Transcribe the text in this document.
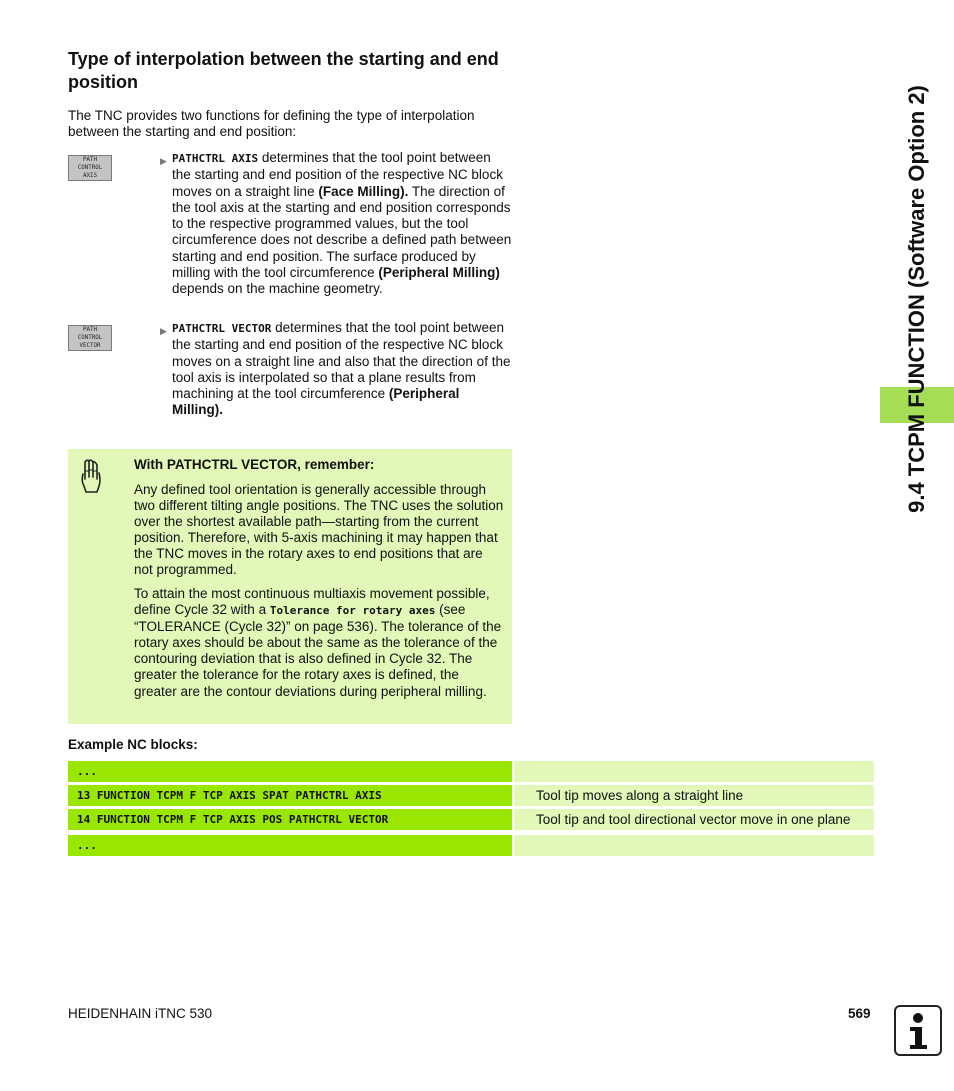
Type of interpolation between the starting and end position
The TNC provides two functions for defining the type of interpolation between the starting and end position:
PATH
CONTROL
AXIS
▶ PATHCTRL AXIS determines that the tool point between the starting and end position of the respective NC block moves on a straight line (Face Milling). The direction of the tool axis at the starting and end position corresponds to the respective programmed values, but the tool circumference does not describe a defined path between starting and end position. The surface produced by milling with the tool circumference (Peripheral Milling) depends on the machine geometry.
PATH
CONTROL
VECTOR
▶ PATHCTRL VECTOR determines that the tool point between the starting and end position of the respective NC block moves on a straight line and also that the direction of the tool axis is interpolated so that a plane results from machining at the tool circumference (Peripheral Milling).
With PATHCTRL VECTOR, remember:
Any defined tool orientation is generally accessible through two different tilting angle positions. The TNC uses the solution over the shortest available path—starting from the current position. Therefore, with 5-axis machining it may happen that the TNC moves in the rotary axes to end positions that are not programmed.
To attain the most continuous multiaxis movement possible, define Cycle 32 with a Tolerance for rotary axes (see “TOLERANCE (Cycle 32)” on page 536). The tolerance of the rotary axes should be about the same as the tolerance of the contouring deviation that is also defined in Cycle 32. The greater the tolerance for the rotary axes is defined, the greater are the contour deviations during peripheral milling.
Example NC blocks:
...
13 FUNCTION TCPM F TCP AXIS SPAT PATHCTRL AXIS	Tool tip moves along a straight line
14 FUNCTION TCPM F TCP AXIS POS PATHCTRL VECTOR	Tool tip and tool directional vector move in one plane
...
9.4 TCPM FUNCTION (Software Option 2)
HEIDENHAIN iTNC 530	569
